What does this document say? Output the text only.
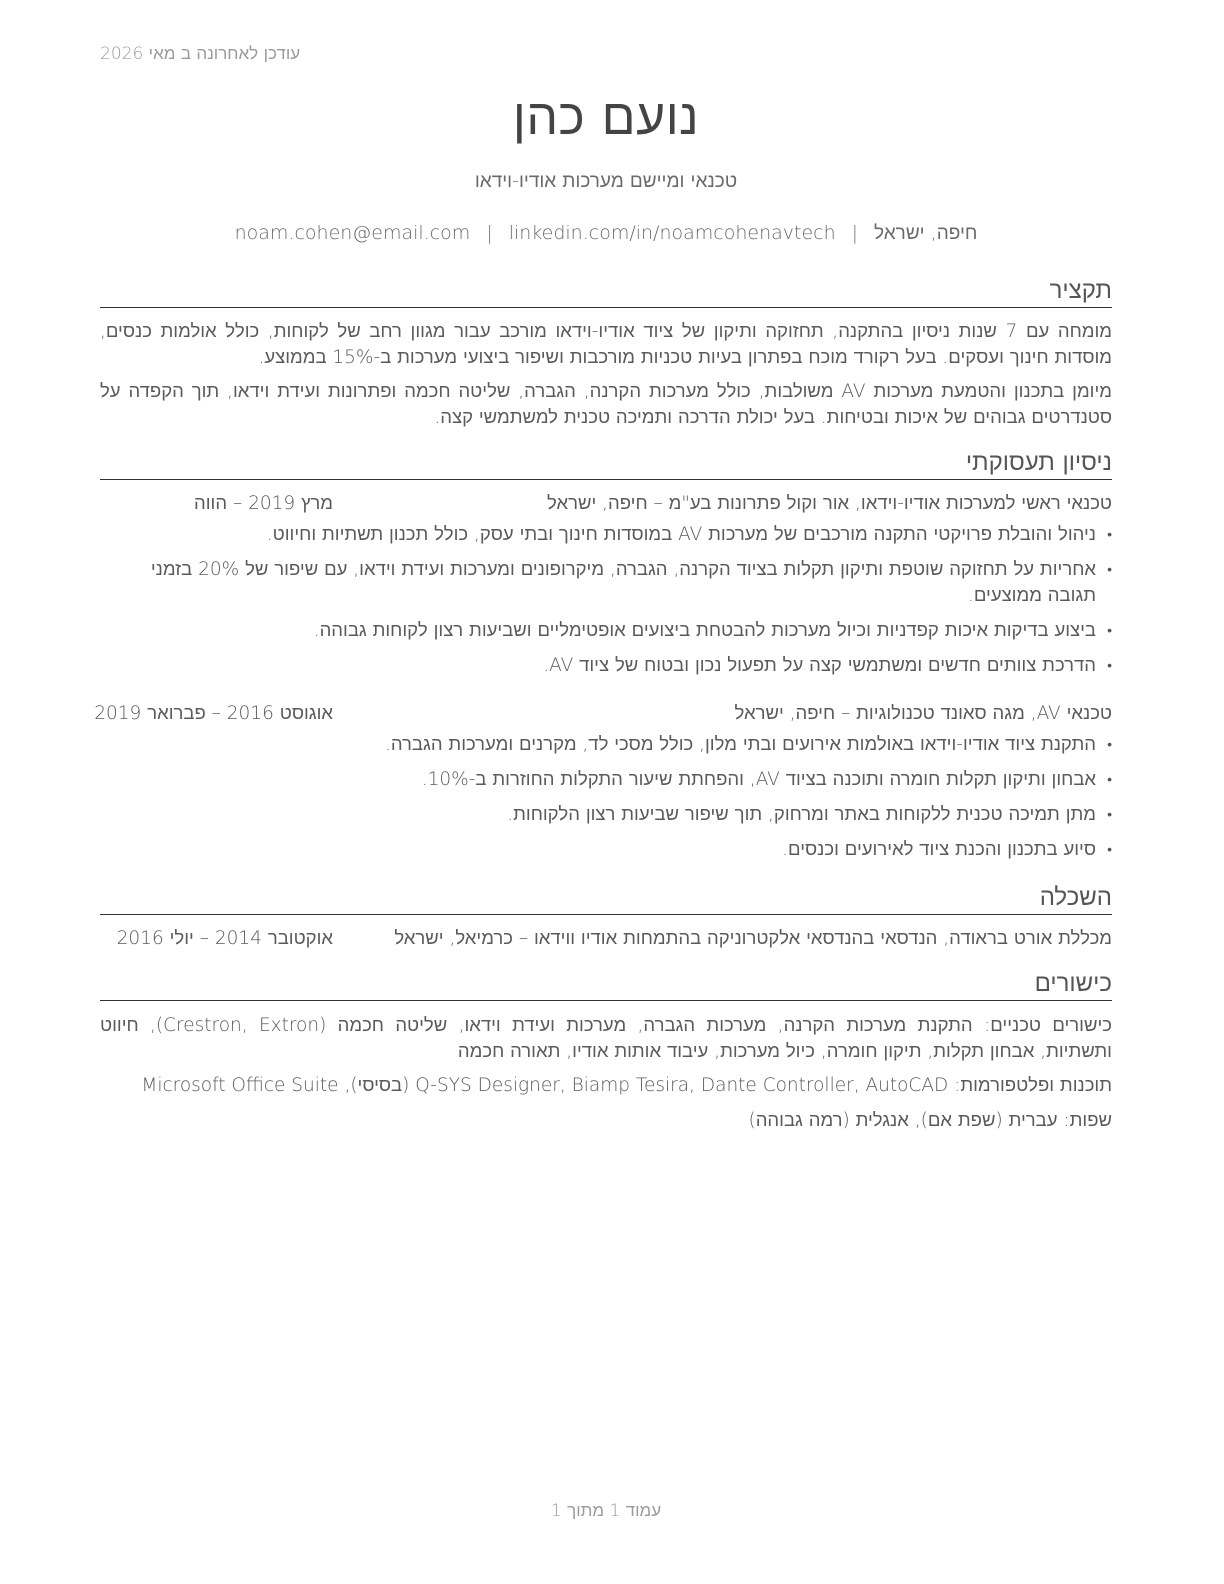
עודכן לאחרונה ב מאי 2026
נועם כהן
טכנאי ומיישם מערכות אודיו-וידאו
חיפה, ישראל|noam.cohen@email.com | linkedin.com/in/noamcohenavtech
תקציר
מומחה עם 7 שנות ניסיון בהתקנה, תחזוקה ותיקון של ציוד אודיו-וידאו מורכב עבור מגוון רחב של לקוחות, כולל אולמות כנסים, מוסדות חינוך ועסקים. בעל רקורד מוכח בפתרון בעיות טכניות מורכבות ושיפור ביצועי מערכות ב-15% בממוצע.
מיומן בתכנון והטמעת מערכות AV משולבות, כולל מערכות הקרנה, הגברה, שליטה חכמה ופתרונות ועידת וידאו, תוך הקפדה על סטנדרטים גבוהים של איכות ובטיחות. בעל יכולת הדרכה ותמיכה טכנית למשתמשי קצה.
ניסיון תעסוקתי
טכנאי ראשי למערכות אודיו-וידאו, אור וקול פתרונות בע"מ – חיפה, ישראל
מרץ 2019 – הווה
• ניהול והובלת פרויקטי התקנה מורכבים של מערכות AV במוסדות חינוך ובתי עסק, כולל תכנון תשתיות וחיווט.
• אחריות על תחזוקה שוטפת ותיקון תקלות בציוד הקרנה, הגברה, מיקרופונים ומערכות ועידת וידאו, עם שיפור של 20% בזמני תגובה ממוצעים.
• ביצוע בדיקות איכות קפדניות וכיול מערכות להבטחת ביצועים אופטימליים ושביעות רצון לקוחות גבוהה.
• הדרכת צוותים חדשים ומשתמשי קצה על תפעול נכון ובטוח של ציוד AV.
טכנאי AV, מגה סאונד טכנולוגיות – חיפה, ישראל
אוגוסט 2016 – פברואר 2019
• התקנת ציוד אודיו-וידאו באולמות אירועים ובתי מלון, כולל מסכי לד, מקרנים ומערכות הגברה.
• אבחון ותיקון תקלות חומרה ותוכנה בציוד AV, והפחתת שיעור התקלות החוזרות ב-10%.
• מתן תמיכה טכנית ללקוחות באתר ומרחוק, תוך שיפור שביעות רצון הלקוחות.
• סיוע בתכנון והכנת ציוד לאירועים וכנסים.
השכלה
מכללת אורט בראודה, הנדסאי בהנדסאי אלקטרוניקה בהתמחות אודיו ווידאו – כרמיאל, ישראל
אוקטובר 2014 – יולי 2016
כישורים
כישורים טכניים: התקנת מערכות הקרנה, מערכות הגברה, מערכות ועידת וידאו, שליטה חכמה (Crestron, Extron), חיווט ותשתיות, אבחון תקלות, תיקון חומרה, כיול מערכות, עיבוד אותות אודיו, תאורה חכמה
תוכנות ופלטפורמות: Q-SYS Designer, Biamp Tesira, Dante Controller, AutoCAD (בסיסי), Microsoft Office Suite
שפות: עברית (שפת אם), אנגלית (רמה גבוהה)
עמוד 1 מתוך 1
